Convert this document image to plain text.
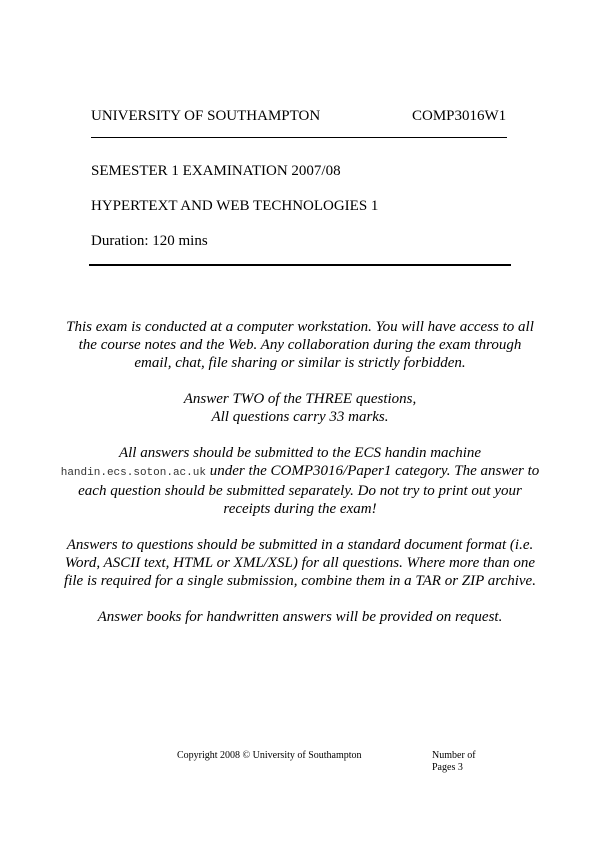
UNIVERSITY OF SOUTHAMPTON	COMP3016W1
SEMESTER 1 EXAMINATION 2007/08
HYPERTEXT AND WEB TECHNOLOGIES 1
Duration: 120 mins

This exam is conducted at a computer workstation. You will have access to all the course notes and the Web. Any collaboration during the exam through email, chat, file sharing or similar is strictly forbidden.

Answer TWO of the THREE questions,
All questions carry 33 marks.

All answers should be submitted to the ECS handin machine handin.ecs.soton.ac.uk under the COMP3016/Paper1 category. The answer to each question should be submitted separately. Do not try to print out your receipts during the exam!

Answers to questions should be submitted in a standard document format (i.e. Word, ASCII text, HTML or XML/XSL) for all questions. Where more than one file is required for a single submission, combine them in a TAR or ZIP archive.

Answer books for handwritten answers will be provided on request.

Copyright 2008 © University of Southampton	Number of
Pages 3
